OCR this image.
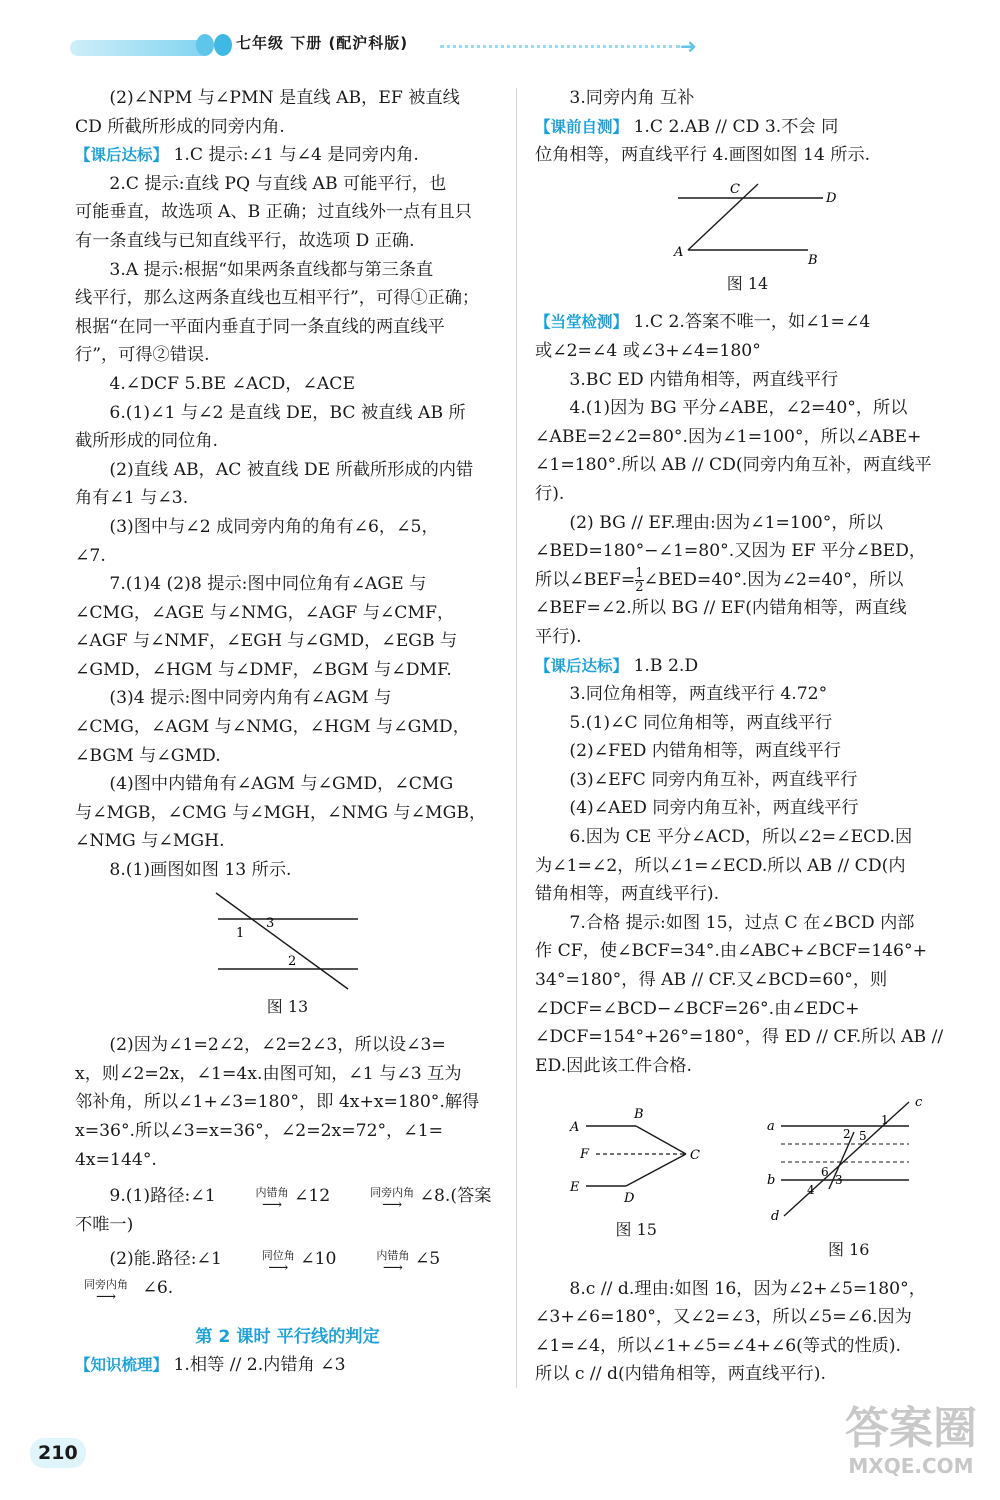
七年级 下册 (配沪科版)	➜

(2)∠NPM 与∠PMN 是直线 AB，EF 被直线

CD 所截所形成的同旁内角.

【课后达标】 1.C 提示:∠1 与∠4 是同旁内角.

2.C 提示:直线 PQ 与直线 AB 可能平行，也

可能垂直，故选项 A、B 正确；过直线外一点有且只

有一条直线与已知直线平行，故选项 D 正确.

3.A 提示:根据“如果两条直线都与第三条直

线平行，那么这两条直线也互相平行”，可得①正确；

根据“在同一平面内垂直于同一条直线的两直线平

行”，可得②错误.

4.∠DCF 5.BE ∠ACD，∠ACE

6.(1)∠1 与∠2 是直线 DE，BC 被直线 AB 所

截所形成的同位角.

(2)直线 AB，AC 被直线 DE 所截所形成的内错

角有∠1 与∠3.

(3)图中与∠2 成同旁内角的角有∠6，∠5，

∠7.

7.(1)4 (2)8 提示:图中同位角有∠AGE 与

∠CMG，∠AGE 与∠NMG，∠AGF 与∠CMF，

∠AGF 与∠NMF，∠EGH 与∠GMD，∠EGB 与

∠GMD，∠HGM 与∠DMF，∠BGM 与∠DMF.

(3)4 提示:图中同旁内角有∠AGM 与

∠CMG，∠AGM 与∠NMG，∠HGM 与∠GMD，

∠BGM 与∠GMD.

(4)图中内错角有∠AGM 与∠GMD，∠CMG

与∠MGB，∠CMG 与∠MGH，∠NMG 与∠MGB，

∠NMG 与∠MGH.

8.(1)画图如图 13 所示.

1
3
2

图 13

(2)因为∠1=2∠2，∠2=2∠3，所以设∠3=

x，则∠2=2x，∠1=4x.由图可知，∠1 与∠3 互为

邻补角，所以∠1+∠3=180°，即 4x+x=180°.解得

x=36°.所以∠3=x=36°，∠2=2x=72°，∠1=

4x=144°.

9.(1)路径:∠1	内错角
⟶ ∠12	同旁内角
⟶	∠8.(答案

不唯一)

(2)能.路径:∠1	同位角
⟶ ∠10	内错角
⟶ ∠5

同旁内角
⟶	∠6.

第 2 课时 平行线的判定

【知识梳理】 1.相等 // 2.内错角 ∠3

3.同旁内角 互补

【课前自测】 1.C 2.AB // CD 3.不会 同

位角相等，两直线平行 4.画图如图 14 所示.

C
D
A
B

图 14

【当堂检测】 1.C 2.答案不唯一，如∠1=∠4

或∠2=∠4 或∠3+∠4=180°

3.BC ED 内错角相等，两直线平行

4.(1)因为 BG 平分∠ABE，∠2=40°，所以

∠ABE=2∠2=80°.因为∠1=100°，所以∠ABE+

∠1=180°.所以 AB // CD(同旁内角互补，两直线平

行).

(2) BG // EF.理由:因为∠1=100°，所以

∠BED=180°−∠1=80°.又因为 EF 平分∠BED，

所以∠BEF= $\frac{1}{2}$ ∠BED=40°.因为∠2=40°，所以

∠BEF=∠2.所以 BG // EF(内错角相等，两直线

平行).

【课后达标】 1.B 2.D

3.同位角相等，两直线平行 4.72°

5.(1)∠C 同位角相等，两直线平行

(2)∠FED 内错角相等，两直线平行

(3)∠EFC 同旁内角互补，两直线平行

(4)∠AED 同旁内角互补，两直线平行

6.因为 CE 平分∠ACD，所以∠2=∠ECD.因

为∠1=∠2，所以∠1=∠ECD.所以 AB // CD(内

错角相等，两直线平行).

7.合格 提示:如图 15，过点 C 在∠BCD 内部

作 CF，使∠BCF=34°.由∠ABC+∠BCF=146°+

34°=180°，得 AB // CF.又∠BCD=60°，则

∠DCF=∠BCD−∠BCF=26°.由∠EDC+

∠DCF=154°+26°=180°，得 ED // CF.所以 AB //

ED.因此该工件合格.

A
B
C
F
E
D

图 15

a
b
c
d
1
2 5
6
3
4

图 16

8.c // d.理由:如图 16，因为∠2+∠5=180°，

∠3+∠6=180°，又∠2=∠3，所以∠5=∠6.因为

∠1=∠4，所以∠1+∠5=∠4+∠6(等式的性质).

所以 c // d(内错角相等，两直线平行).

210	答案圈
MXQE.COM
